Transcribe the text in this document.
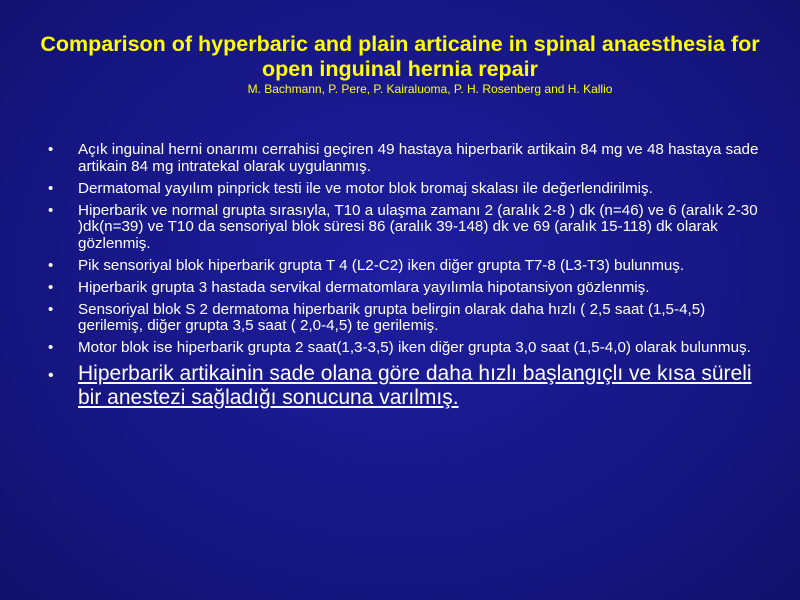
Comparison of hyperbaric and plain articaine in spinal anaesthesia for open inguinal hernia repair

M. Bachmann, P. Pere, P. Kairaluoma, P. H. Rosenberg and H. Kallio

• Açık inguinal herni onarımı cerrahisi geçiren 49 hastaya hiperbarik artikain 84 mg ve 48 hastaya sade artikain 84 mg intratekal olarak uygulanmış.
• Dermatomal yayılım pinprick testi ile ve motor blok bromaj skalası ile değerlendirilmiş.
• Hiperbarik ve normal grupta sırasıyla, T10 a ulaşma zamanı 2 (aralık 2-8 ) dk (n=46) ve 6 (aralık 2-30 )dk(n=39) ve T10 da sensoriyal blok süresi 86 (aralık 39-148) dk ve 69 (aralık 15-118) dk olarak gözlenmiş.
• Pik sensoriyal blok hiperbarik grupta T 4 (L2-C2) iken diğer grupta T7-8 (L3-T3) bulunmuş.
• Hiperbarik grupta 3 hastada servikal dermatomlara yayılımla hipotansiyon gözlenmiş.
• Sensoriyal blok S 2 dermatoma hiperbarik grupta belirgin olarak daha hızlı ( 2,5 saat (1,5-4,5) gerilemiş, diğer grupta 3,5 saat ( 2,0-4,5) te gerilemiş.
• Motor blok ise hiperbarik grupta 2 saat(1,3-3,5) iken diğer grupta 3,0 saat (1,5-4,0) olarak bulunmuş.
• Hiperbarik artikainin sade olana göre daha hızlı başlangıçlı ve kısa süreli bir anestezi sağladığı sonucuna varılmış.
